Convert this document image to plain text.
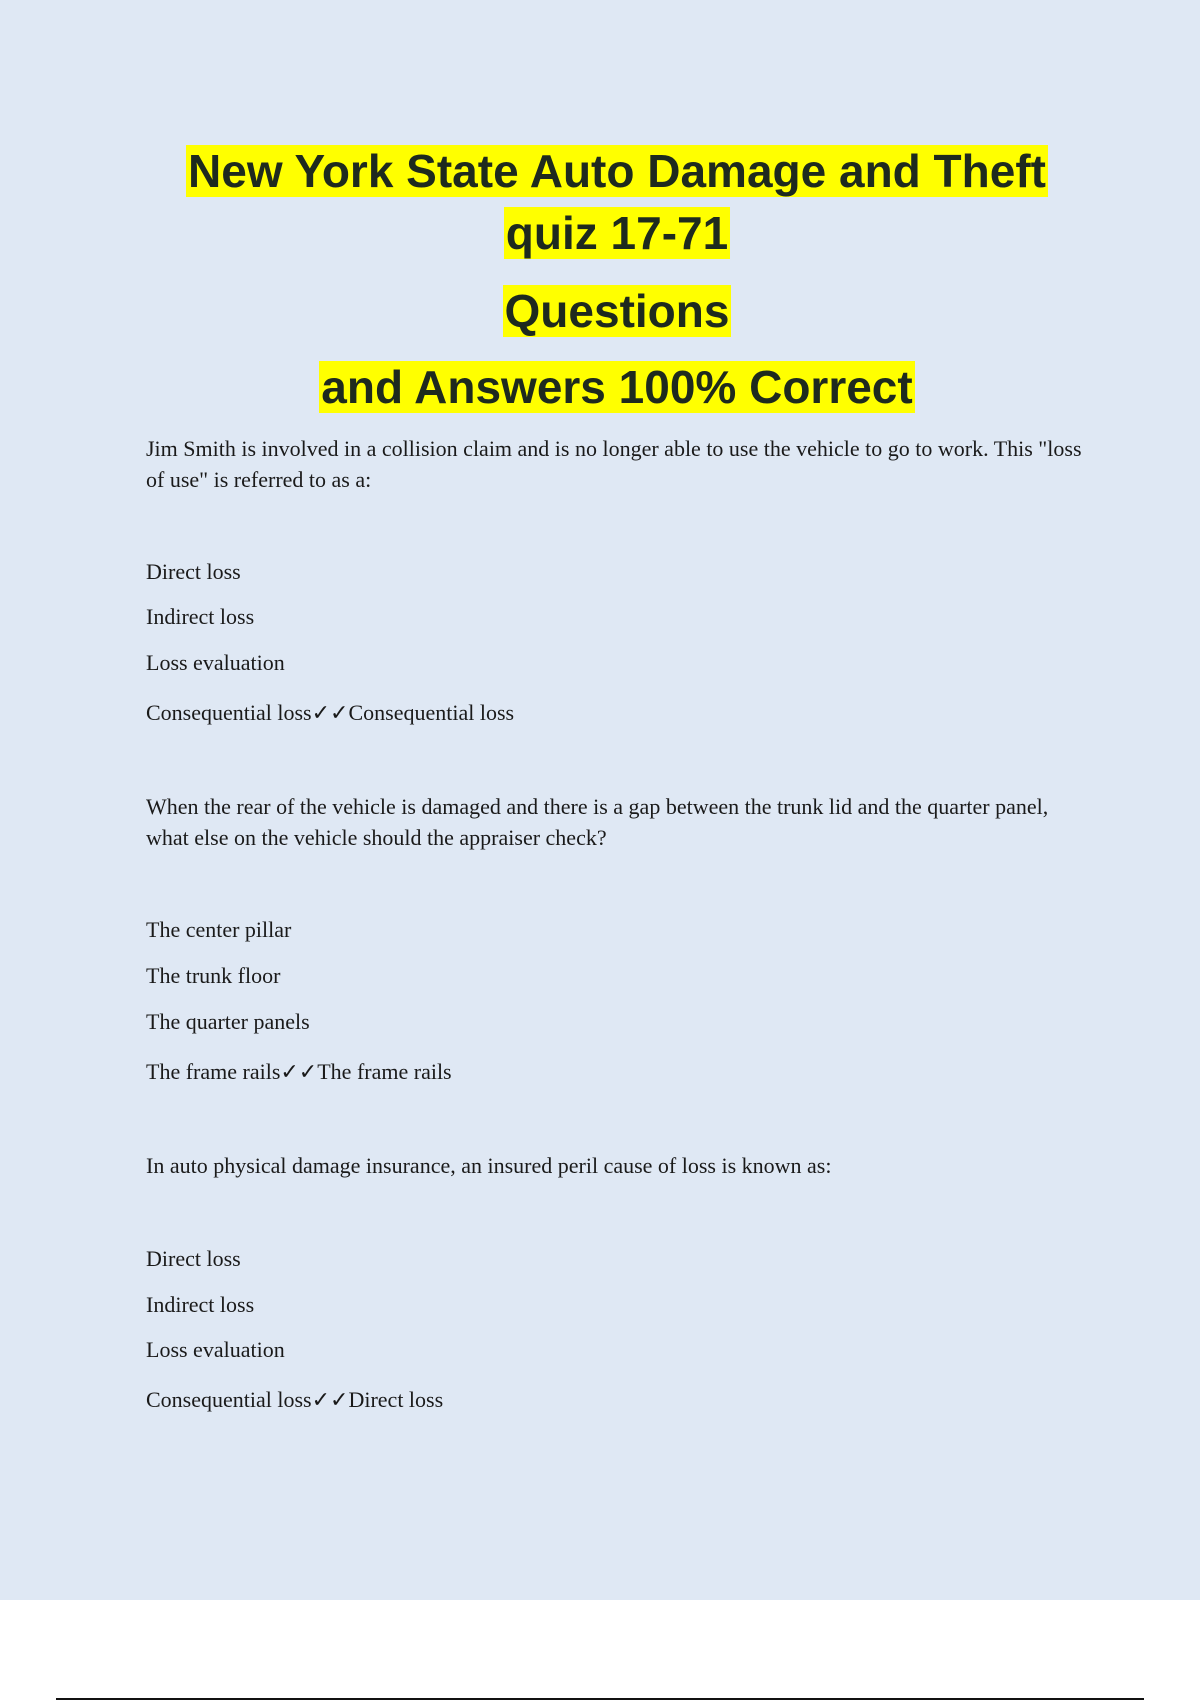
New York State Auto Damage and Theft
quiz 17-71
Questions
and Answers 100% Correct
Jim Smith is involved in a collision claim and is no longer able to use the vehicle to go to work. This "loss of use" is referred to as a:
Direct loss
Indirect loss
Loss evaluation
Consequential loss✓✓Consequential loss
When the rear of the vehicle is damaged and there is a gap between the trunk lid and the quarter panel, what else on the vehicle should the appraiser check?
The center pillar
The trunk floor
The quarter panels
The frame rails✓✓The frame rails
In auto physical damage insurance, an insured peril cause of loss is known as:
Direct loss
Indirect loss
Loss evaluation
Consequential loss✓✓Direct loss
